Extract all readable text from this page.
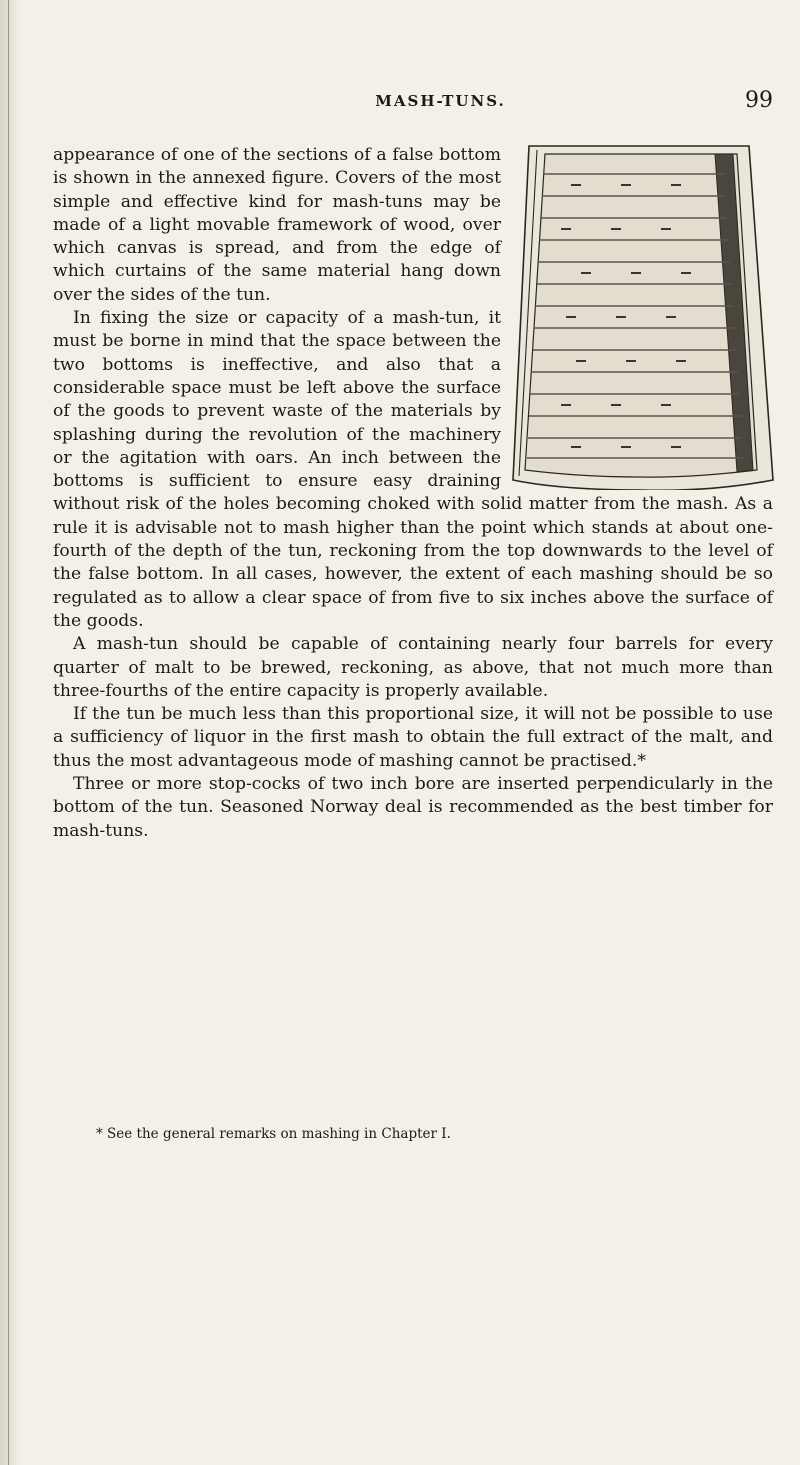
MASH-TUNS.	99

appearance of one of the sections of a false bottom is shown in the annexed figure. Covers of the most simple and effective kind for mash-tuns may be made of a light movable framework of wood, over which canvas is spread, and from the edge of which curtains of the same material hang down over the sides of the tun.

In fixing the size or capacity of a mash-tun, it must be borne in mind that the space between the two bottoms is ineffective, and also that a considerable space must be left above the surface of the goods to prevent waste of the materials by splashing during the revolution of the machinery or the agitation with oars. An inch between the bottoms is sufficient to ensure easy draining without risk of the holes becoming choked with solid matter from the mash. As a rule it is advisable not to mash higher than the point which stands at about one-fourth of the depth of the tun, reckoning from the top downwards to the level of the false bottom. In all cases, however, the extent of each mashing should be so regulated as to allow a clear space of from five to six inches above the surface of the goods.

A mash-tun should be capable of containing nearly four barrels for every quarter of malt to be brewed, reckoning, as above, that not much more than three-fourths of the entire capacity is properly available.

If the tun be much less than this proportional size, it will not be possible to use a sufficiency of liquor in the first mash to obtain the full extract of the malt, and thus the most advantageous mode of mashing cannot be practised.*

Three or more stop-cocks of two inch bore are inserted perpendicularly in the bottom of the tun. Seasoned Norway deal is recommended as the best timber for mash-tuns.

* See the general remarks on mashing in Chapter I.
